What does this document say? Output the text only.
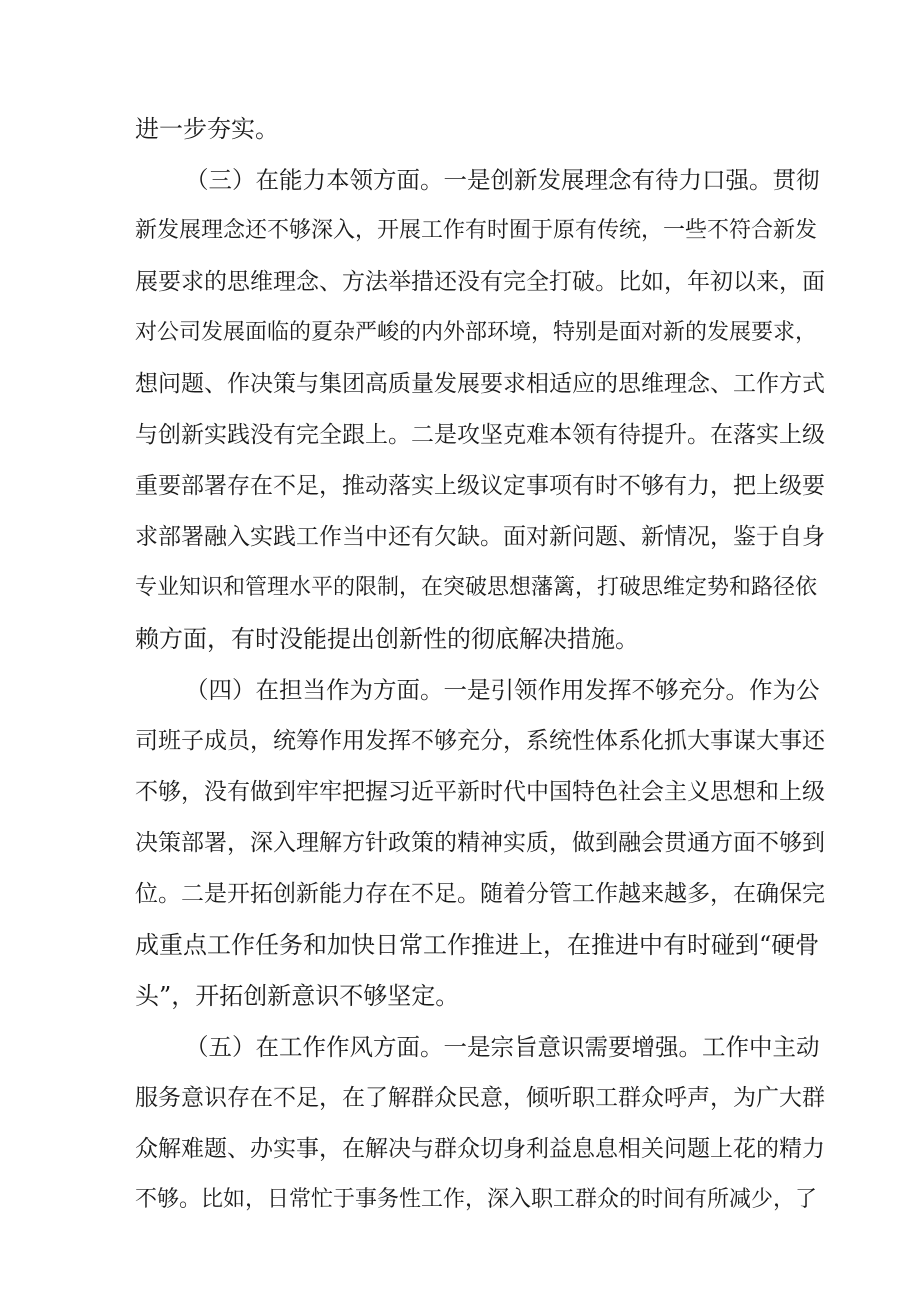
进一步夯实。
（三）在能力本领方面。一是创新发展理念有待力口强。贯彻
新发展理念还不够深入，开展工作有时囿于原有传统，一些不符合新发
展要求的思维理念、方法举措还没有完全打破。比如，年初以来，面
对公司发展面临的夏杂严峻的内外部环境，特别是面对新的发展要求，
想问题、作决策与集团高质量发展要求相适应的思维理念、工作方式
与创新实践没有完全跟上。二是攻坚克难本领有待提升。在落实上级
重要部署存在不足，推动落实上级议定事项有时不够有力，把上级要
求部署融入实践工作当中还有欠缺。面对新问题、新情况，鉴于自身
专业知识和管理水平的限制，在突破思想藩篱，打破思维定势和路径依
赖方面，有时没能提出创新性的彻底解决措施。
（四）在担当作为方面。一是引领作用发挥不够充分。作为公
司班子成员，统筹作用发挥不够充分，系统性体系化抓大事谋大事还
不够，没有做到牢牢把握习近平新时代中国特色社会主义思想和上级
决策部署，深入理解方针政策的精神实质，做到融会贯通方面不够到
位。二是开拓创新能力存在不足。随着分管工作越来越多，在确保完
成重点工作任务和加快日常工作推进上，在推进中有时碰到“硬骨
头”，开拓创新意识不够坚定。
（五）在工作作风方面。一是宗旨意识需要增强。工作中主动
服务意识存在不足，在了解群众民意，倾听职工群众呼声，为广大群
众解难题、办实事，在解决与群众切身利益息息相关问题上花的精力
不够。比如，日常忙于事务性工作，深入职工群众的时间有所减少，了
